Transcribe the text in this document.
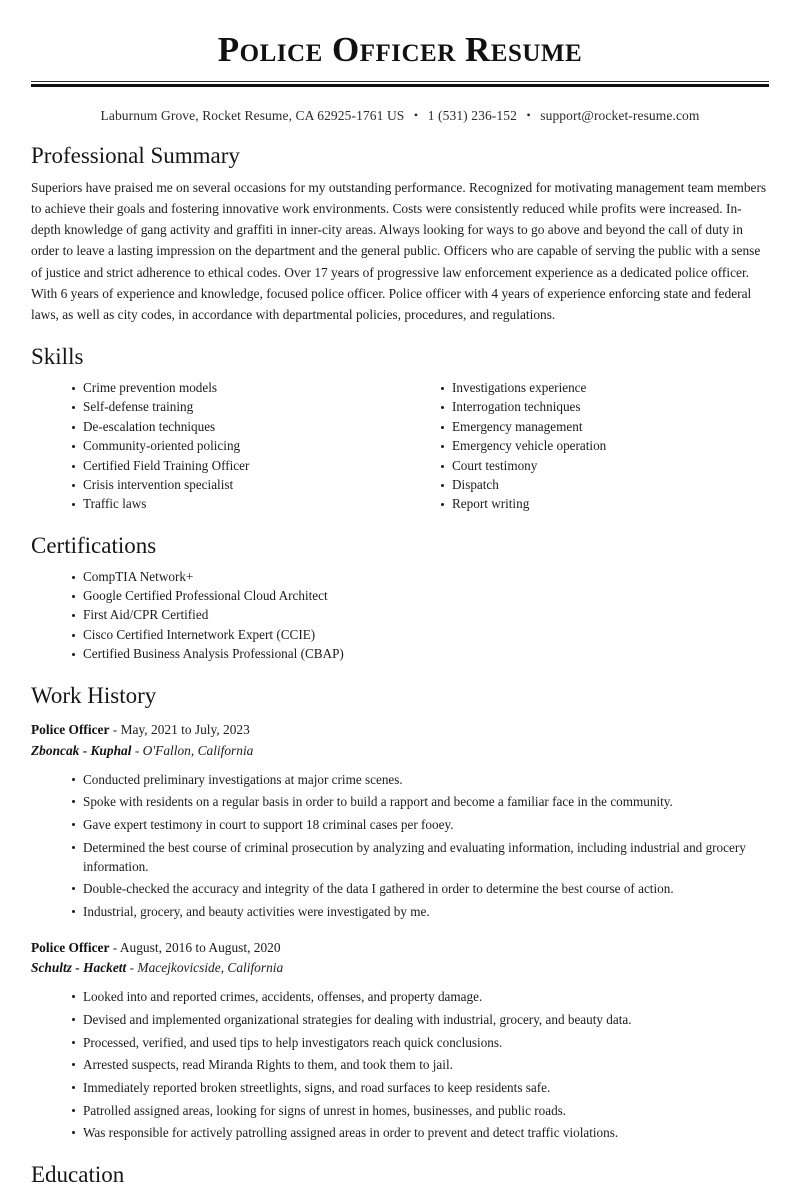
Police Officer Resume
Laburnum Grove, Rocket Resume, CA 62925-1761 US • 1 (531) 236-152 • support@rocket-resume.com
Professional Summary

Superiors have praised me on several occasions for my outstanding performance. Recognized for motivating management team members to achieve their goals and fostering innovative work environments. Costs were consistently reduced while profits were increased. In-depth knowledge of gang activity and graffiti in inner-city areas. Always looking for ways to go above and beyond the call of duty in order to leave a lasting impression on the department and the general public. Officers who are capable of serving the public with a sense of justice and strict adherence to ethical codes. Over 17 years of progressive law enforcement experience as a dedicated police officer. With 6 years of experience and knowledge, focused police officer. Police officer with 4 years of experience enforcing state and federal laws, as well as city codes, in accordance with departmental policies, procedures, and regulations.

Skills
Crime prevention models
Self-defense training
De-escalation techniques
Community-oriented policing
Certified Field Training Officer
Crisis intervention specialist
Traffic laws
Investigations experience
Interrogation techniques
Emergency management
Emergency vehicle operation
Court testimony
Dispatch
Report writing
Certifications
CompTIA Network+
Google Certified Professional Cloud Architect
First Aid/CPR Certified
Cisco Certified Internetwork Expert (CCIE)
Certified Business Analysis Professional (CBAP)
Work History
Police Officer - May, 2021 to July, 2023
Zboncak - Kuphal - O'Fallon, California
Conducted preliminary investigations at major crime scenes.
Spoke with residents on a regular basis in order to build a rapport and become a familiar face in the community.
Gave expert testimony in court to support 18 criminal cases per fooey.
Determined the best course of criminal prosecution by analyzing and evaluating information, including industrial and grocery information.
Double-checked the accuracy and integrity of the data I gathered in order to determine the best course of action.
Industrial, grocery, and beauty activities were investigated by me.
Police Officer - August, 2016 to August, 2020
Schultz - Hackett - Macejkovicside, California
Looked into and reported crimes, accidents, offenses, and property damage.
Devised and implemented organizational strategies for dealing with industrial, grocery, and beauty data.
Processed, verified, and used tips to help investigators reach quick conclusions.
Arrested suspects, read Miranda Rights to them, and took them to jail.
Immediately reported broken streetlights, signs, and road surfaces to keep residents safe.
Patrolled assigned areas, looking for signs of unrest in homes, businesses, and public roads.
Was responsible for actively patrolling assigned areas in order to prevent and detect traffic violations.
Education
